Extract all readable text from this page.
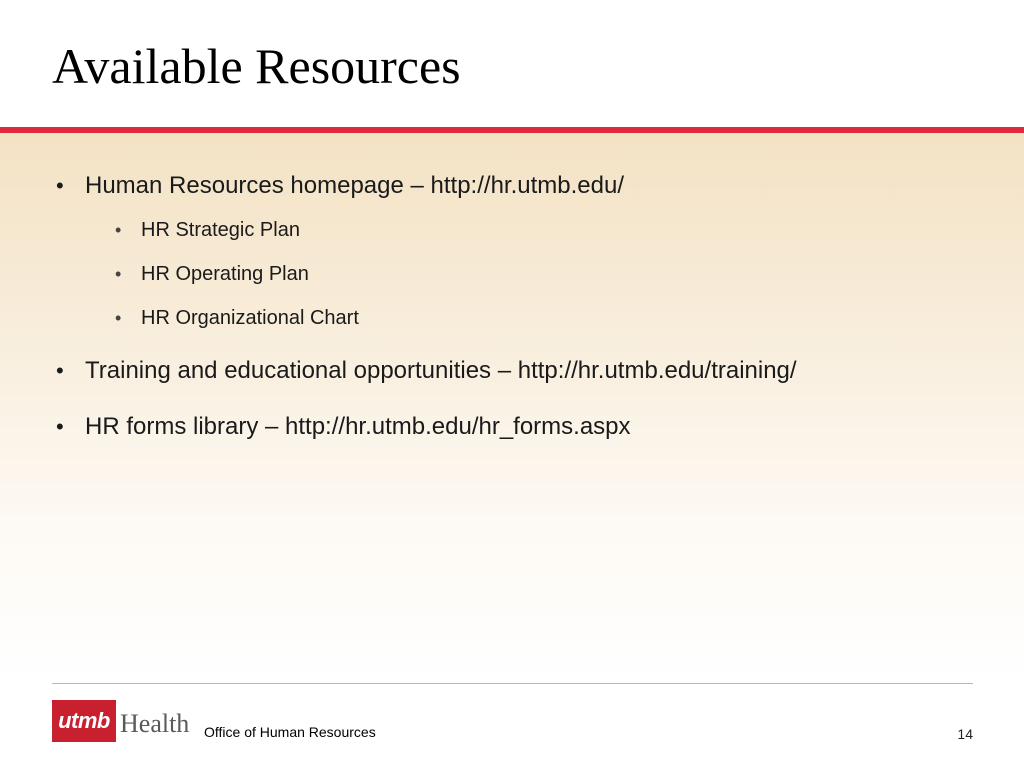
Available Resources
• Human Resources homepage – http://hr.utmb.edu/
• HR Strategic Plan
• HR Operating Plan
• HR Organizational Chart
• Training and educational opportunities – http://hr.utmb.edu/training/
• HR forms library – http://hr.utmb.edu/hr_forms.aspx
utmb Health Office of Human Resources	14
